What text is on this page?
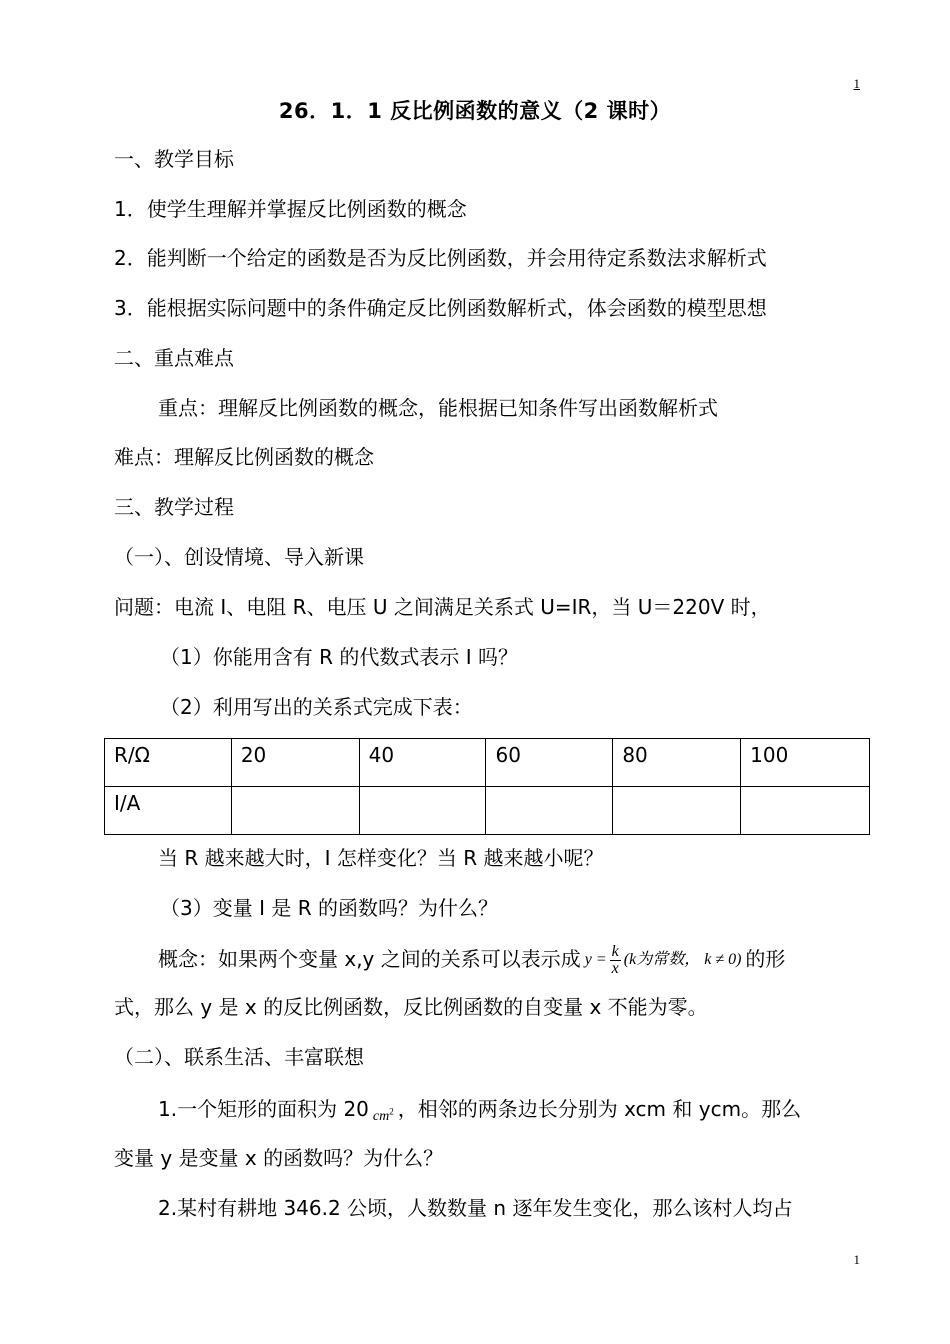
1
26．1．1 反比例函数的意义（2 课时）
一、教学目标
1．使学生理解并掌握反比例函数的概念
2．能判断一个给定的函数是否为反比例函数，并会用待定系数法求解析式
3．能根据实际问题中的条件确定反比例函数解析式，体会函数的模型思想
二、重点难点
重点：理解反比例函数的概念，能根据已知条件写出函数解析式
难点：理解反比例函数的概念
三、教学过程
（一）、创设情境、导入新课
问题：电流 I、电阻 R、电压 U 之间满足关系式 U=IR，当 U＝220V 时，
（1）你能用含有 R 的代数式表示 I 吗？
（2）利用写出的关系式完成下表：
R/Ω	20	40	60	80	100
I/A					
当 R 越来越大时，I 怎样变化？当 R 越来越小呢？
（3）变量 I 是 R 的函数吗？为什么？
概念：如果两个变量 x,y 之间的关系可以表示成 $y = \frac{k}{x} (k$为常数， k ≠ 0) 的形
式，那么 y 是 x 的反比例函数，反比例函数的自变量 x 不能为零。
（二）、联系生活、丰富联想
1.一个矩形的面积为 20 $_{cm^2}$ ，相邻的两条边长分别为 xcm 和 ycm。那么
变量 y 是变量 x 的函数吗？为什么？
2.某村有耕地 346.2 公顷，人数数量 n 逐年发生变化，那么该村人均占
1
